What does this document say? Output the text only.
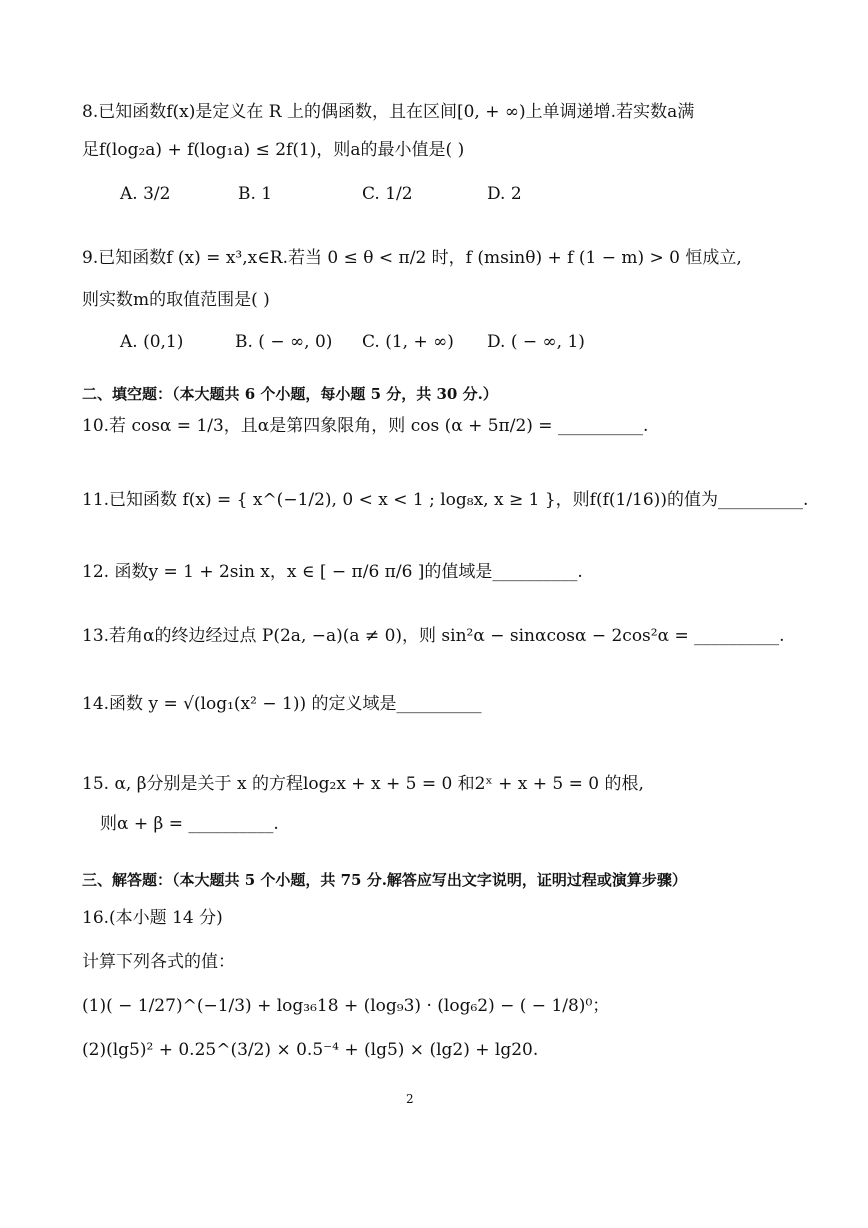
8.已知函数f(x)是定义在 R 上的偶函数，且在区间[0, + ∞)上单调递增.若实数a满
足f(log₂a) + f(log₁a) ≤ 2f(1)，则a的最小值是( )
A. 3/2	B. 1	C. 1/2	D. 2
9.已知函数f (x) = x³,x∈R.若当 0 ≤ θ < π/2 时，f (msinθ) + f (1 − m) > 0 恒成立,
则实数m的取值范围是( )
A. (0,1)	B. ( − ∞, 0) C. (1, + ∞) D. ( − ∞, 1)
二、填空题：（本大题共 6 个小题，每小题 5 分，共 30 分.）
10.若 cosα = 1/3，且α是第四象限角，则 cos (α + 5π/2) = __________.
11.已知函数 f(x) = { x^(−1/2), 0 < x < 1 ; log₈x, x ≥ 1 }，则f(f(1/16))的值为__________.
12. 函数y = 1 + 2sin x，x ∈ [ − π/6 π/6 ]的值域是__________.
13.若角α的终边经过点 P(2a, −a)(a ≠ 0)，则 sin²α − sinαcosα − 2cos²α = __________.
14.函数 y = √(log₁(x² − 1)) 的定义域是__________
15. α, β分别是关于 x 的方程log₂x + x + 5 = 0 和2ˣ + x + 5 = 0 的根,
则α + β = __________.
三、解答题：（本大题共 5 个小题，共 75 分.解答应写出文字说明，证明过程或演算步骤）
16.(本小题 14 分)
计算下列各式的值：
(1)( − 1/27)^(−1/3) + log₃₆18 + (log₉3) · (log₆2) − ( − 1/8)⁰；
(2)(lg5)² + 0.25^(3/2) × 0.5⁻⁴ + (lg5) × (lg2) + lg20.
2
